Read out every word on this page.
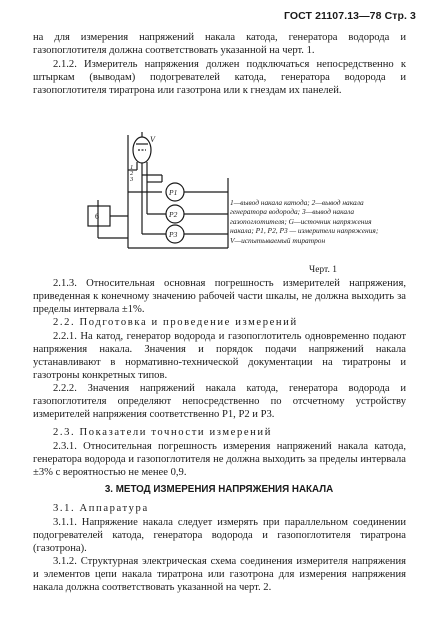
ГОСТ 21107.13—78 Стр. 3

на для измерения напряжений накала катода, генератора водорода и газопоглотителя должна соответствовать указанной на черт. 1.

2.1.2. Измеритель напряжения должен подключаться непосредственно к штыркам (выводам) подогревателей катода, генератора водорода и газопоглотителя тиратрона или газотрона или к гнездам их панелей.

V
1
2
3
6
P1
P2
P3
1—вывод накала катода; 2—вывод накала генератора водорода; 3—вывод накала газопоглотителя; G—источник напряжения накала; P1, P2, P3 — измерители напряжения; V—испытываемый тиратрон
Черт. 1

2.1.3. Относительная основная погрешность измерителей напряжения, приведенная к конечному значению рабочей части шкалы, не должна выходить за пределы интервала ±1%.

2.2. Подготовка и проведение измерений

2.2.1. На катод, генератор водорода и газопоглотитель одновременно подают напряжения накала. Значения и порядок подачи напряжений накала устанавливают в нормативно-технической документации на тиратроны и газотроны конкретных типов.

2.2.2. Значения напряжений накала катода, генератора водорода и газопоглотителя определяют непосредственно по отсчетному устройству измерителей напряжения соответственно P1, P2 и P3.

2.3. Показатели точности измерений

2.3.1. Относительная погрешность измерения напряжений накала катода, генератора водорода и газопоглотителя не должна выходить за пределы интервала ±3% с вероятностью не менее 0,9.

3. МЕТОД ИЗМЕРЕНИЯ НАПРЯЖЕНИЯ НАКАЛА

3.1. Аппаратура

3.1.1. Напряжение накала следует измерять при параллельном соединении подогревателей катода, генератора водорода и газопоглотителя тиратрона (газотрона).

3.1.2. Структурная электрическая схема соединения измерителя напряжения и элементов цепи накала тиратрона или газотрона для измерения напряжения накала должна соответствовать указанной на черт. 2.
